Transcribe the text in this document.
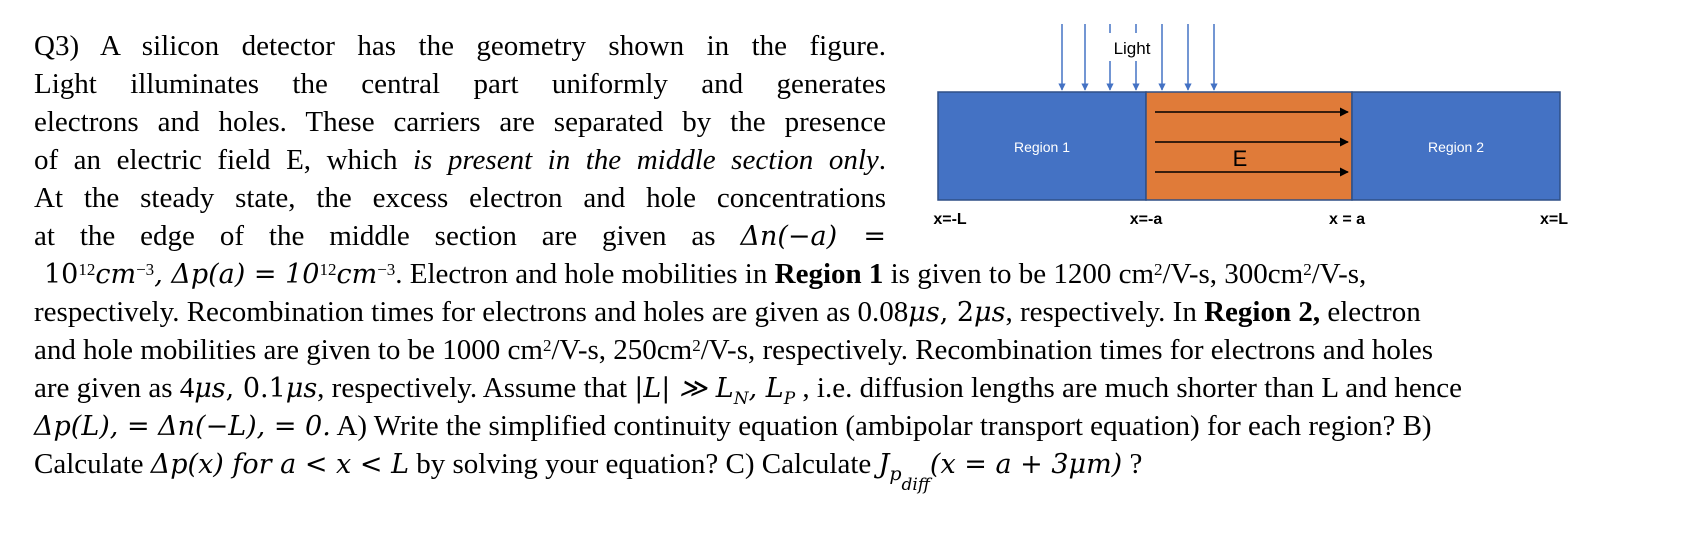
Q3) A silicon detector has the geometry shown in the figure.
Light illuminates the central part uniformly and generates
electrons and holes. These carriers are separated by the presence
of an electric field E, which is present in the middle section only.
At the steady state, the excess electron and hole concentrations
at the edge of the middle section are given as Δn(−a) =
$10^{12}cm^{-3}$, $\Delta p(a) = 10^{12}cm^{-3}$. Electron and hole mobilities in Region 1 is given to be 1200 $cm^2/V-s$, $300cm^2/V-s$,
respectively. Recombination times for electrons and holes are given as 0.08μs, 2μs, respectively. In Region 2, electron
and hole mobilities are given to be 1000 $cm^2/V-s$, $250cm^2/V-s$, respectively. Recombination times for electrons and holes
are given as 4μs, 0.1μs, respectively. Assume that |L| ≫ $L_N$, $L_P$ , i.e. diffusion lengths are much shorter than L and hence
Δp(L), = Δn(−L), = 0. A) Write the simplified continuity equation (ambipolar transport equation) for each region? B)
Calculate Δp(x) for a < x < L by solving your equation? C) Calculate $J_{pdiff}(x = a + 3\mu m)$ ?
Light
Region 1	Region 2
E
x=-L	x=-a	x = a	x=L
